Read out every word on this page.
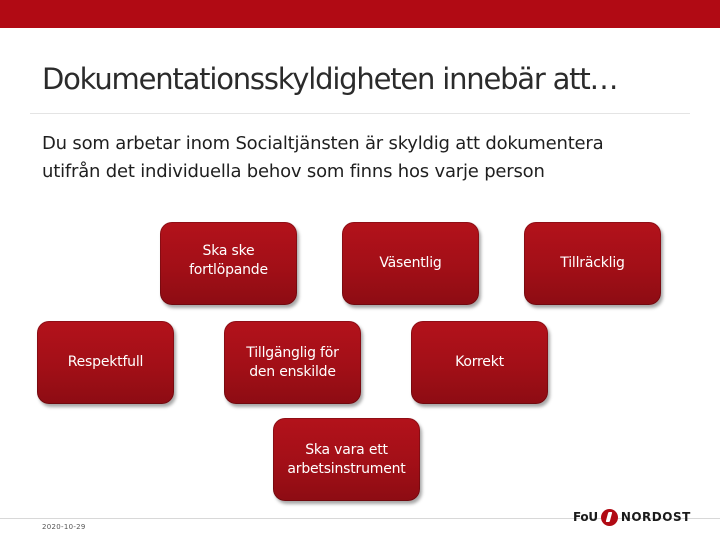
Dokumentationsskyldigheten innebär att…
Du som arbetar inom Socialtjänsten är skyldig att dokumentera
utifrån det individuella behov som finns hos varje person
Ska ske
fortlöpande	Väsentlig	Tillräcklig
Respektfull
Tillgänglig för
den enskilde
Korrekt
Ska vara ett
arbetsinstrument
2020-10-29
FoU NORDOST
